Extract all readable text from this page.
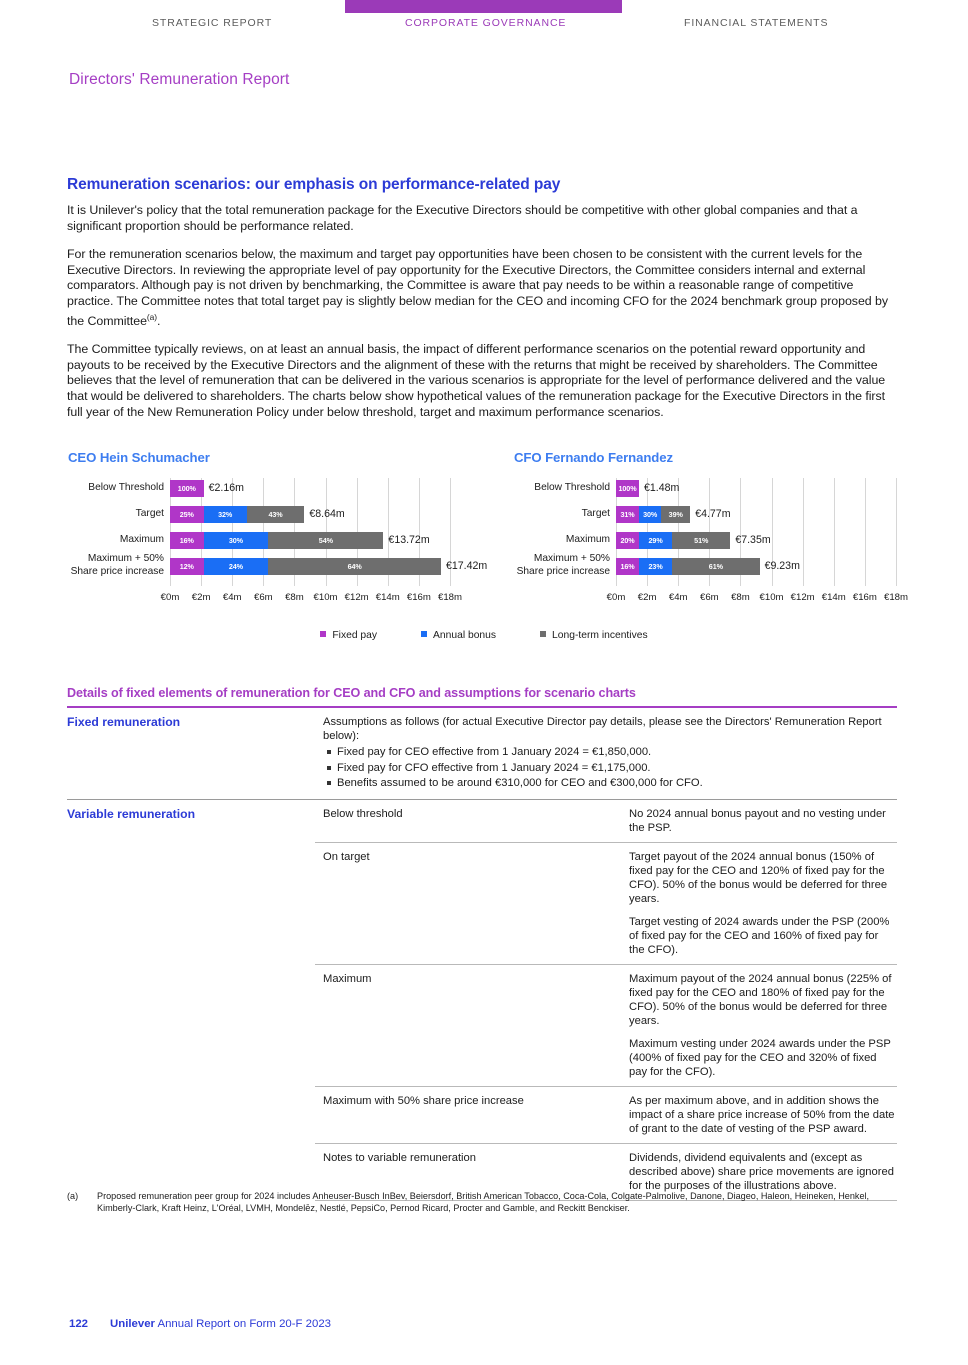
STRATEGIC REPORT	CORPORATE GOVERNANCE	FINANCIAL STATEMENTS
Directors' Remuneration Report
Remuneration scenarios: our emphasis on performance-related pay

It is Unilever's policy that the total remuneration package for the Executive Directors should be competitive with other global companies and that a significant proportion should be performance related.

For the remuneration scenarios below, the maximum and target pay opportunities have been chosen to be consistent with the current levels for the Executive Directors. In reviewing the appropriate level of pay opportunity for the Executive Directors, the Committee considers internal and external comparators. Although pay is not driven by benchmarking, the Committee is aware that pay needs to be within a reasonable range of competitive practice. The Committee notes that total target pay is slightly below median for the CEO and incoming CFO for the 2024 benchmark group proposed by the Committee$^{(a)}$.

The Committee typically reviews, on at least an annual basis, the impact of different performance scenarios on the potential reward opportunity and payouts to be received by the Executive Directors and the alignment of these with the returns that might be received by shareholders. The Committee believes that the level of remuneration that can be delivered in the various scenarios is appropriate for the level of performance delivered and the value that would be delivered to shareholders. The charts below show hypothetical values of the remuneration package for the Executive Directors in the first full year of the New Remuneration Policy under below threshold, target and maximum performance scenarios.

CEO Hein Schumacher
100%	€2.16m
25%	32%	43%	€8.64m
16%	30%	54%	€13.72m
12%	24%	64%	€17.42m
€0m €2m €4m €6m €8m €10m €12m €14m €16m €18m
Below Threshold
Target
Maximum
Maximum + 50%
Share price increase
CFO Fernando Fernandez
100% €1.48m
31%	30%	39%	€4.77m
20%	29%	51%	€7.35m
16%	23%	61%	€9.23m
€0m €2m €4m €6m €8m €10m €12m €14m €16m €18m
Below Threshold
Target
Maximum
Maximum + 50%
Share price increase
Fixed pay	Annual bonus	Long-term incentives
Details of fixed elements of remuneration for CEO and CFO and assumptions for scenario charts
Fixed remuneration	Assumptions as follows (for actual Executive Director pay details, please see the Directors' Remuneration Report below):
Fixed pay for CEO effective from 1 January 2024 = €1,850,000.
Fixed pay for CFO effective from 1 January 2024 = €1,175,000.
Benefits assumed to be around €310,000 for CEO and €300,000 for CFO.
Variable remuneration	Below threshold	No 2024 annual bonus payout and no vesting under the PSP.

On target	Target payout of the 2024 annual bonus (150% of fixed pay for the CEO and 120% of fixed pay for the CFO). 50% of the bonus would be deferred for three years.

Target vesting of 2024 awards under the PSP (200% of fixed pay for the CEO and 160% of fixed pay for the CFO).

Maximum	Maximum payout of the 2024 annual bonus (225% of fixed pay for the CEO and 180% of fixed pay for the CFO). 50% of the bonus would be deferred for three years.

Maximum vesting under 2024 awards under the PSP (400% of fixed pay for the CEO and 320% of fixed pay for the CFO).

Maximum with 50% share price increase	As per maximum above, and in addition shows the impact of a share price increase of 50% from the date of grant to the date of vesting of the PSP award.

Notes to variable remuneration	Dividends, dividend equivalents and (except as described above) share price movements are ignored for the purposes of the illustrations above.

(a)	Proposed remuneration peer group for 2024 includes Anheuser-Busch InBev, Beiersdorf, British American Tobacco, Coca-Cola, Colgate-Palmolive, Danone, Diageo, Haleon, Heineken, Henkel, Kimberly-Clark, Kraft Heinz, L'Oréal, LVMH, Mondelēz, Nestlé, PepsiCo, Pernod Ricard, Procter and Gamble, and Reckitt Benckiser.
122 Unilever Annual Report on Form 20-F 2023
